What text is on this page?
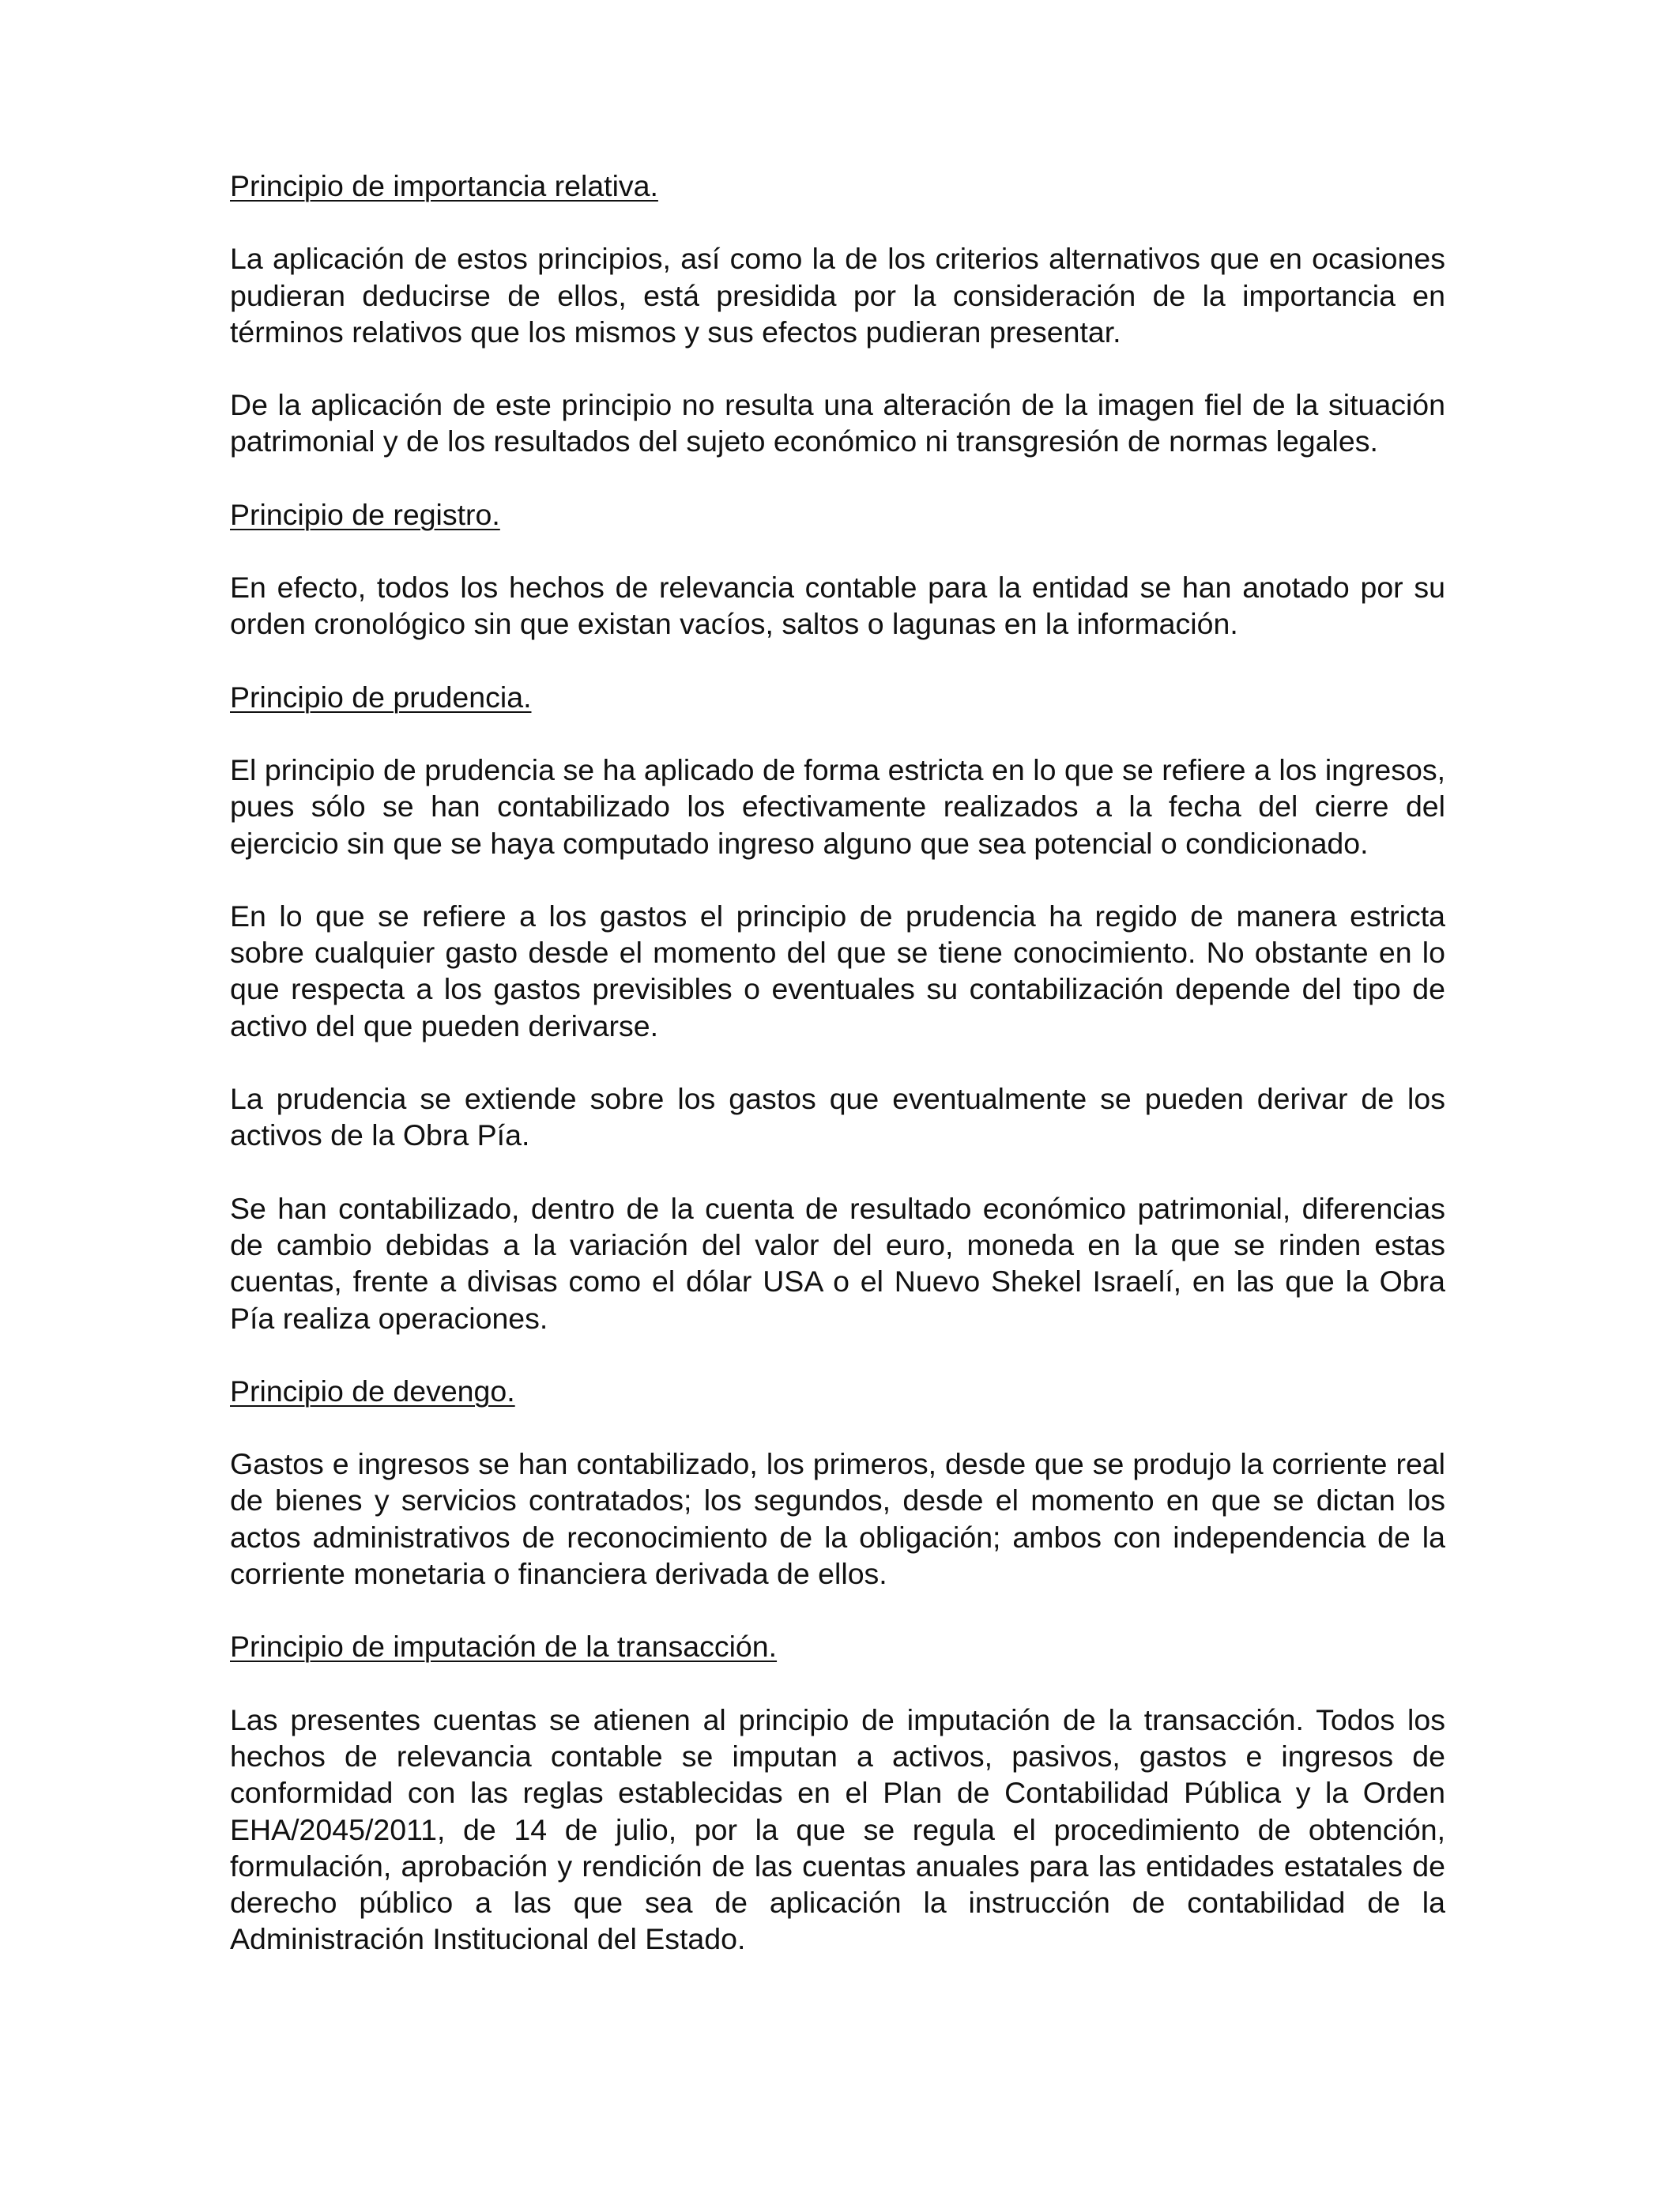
Principio de importancia relativa.

La aplicación de estos principios, así como la de los criterios alternativos que en ocasiones pudieran deducirse de ellos, está presidida por la consideración de la importancia en términos relativos que los mismos y sus efectos pudieran presentar.

De la aplicación de este principio no resulta una alteración de la imagen fiel de la situación patrimonial y de los resultados del sujeto económico ni transgresión de normas legales.

Principio de registro.

En efecto, todos los hechos de relevancia contable para la entidad se han anotado por su orden cronológico sin que existan vacíos, saltos o lagunas en la información.

Principio de prudencia.

El principio de prudencia se ha aplicado de forma estricta en lo que se refiere a los ingresos, pues sólo se han contabilizado los efectivamente realizados a la fecha del cierre del ejercicio sin que se haya computado ingreso alguno que sea potencial o condicionado.

En lo que se refiere a los gastos el principio de prudencia ha regido de manera estricta sobre cualquier gasto desde el momento del que se tiene conocimiento. No obstante en lo que respecta a los gastos previsibles o eventuales su contabilización depende del tipo de activo del que pueden derivarse.

La prudencia se extiende sobre los gastos que eventualmente se pueden derivar de los activos de la Obra Pía.

Se han contabilizado, dentro de la cuenta de resultado económico patrimonial, diferencias de cambio debidas a la variación del valor del euro, moneda en la que se rinden estas cuentas, frente a divisas como el dólar USA o el Nuevo Shekel Israelí, en las que la Obra Pía realiza operaciones.

Principio de devengo.

Gastos e ingresos se han contabilizado, los primeros, desde que se produjo la corriente real de bienes y servicios contratados; los segundos, desde el momento en que se dictan los actos administrativos de reconocimiento de la obligación; ambos con independencia de la corriente monetaria o financiera derivada de ellos.

Principio de imputación de la transacción.

Las presentes cuentas se atienen al principio de imputación de la transacción. Todos los hechos de relevancia contable se imputan a activos, pasivos, gastos e ingresos de conformidad con las reglas establecidas en el Plan de Contabilidad Pública y la Orden EHA/2045/2011, de 14 de julio, por la que se regula el procedimiento de obtención, formulación, aprobación y rendición de las cuentas anuales para las entidades estatales de derecho público a las que sea de aplicación la instrucción de contabilidad de la Administración Institucional del Estado.
